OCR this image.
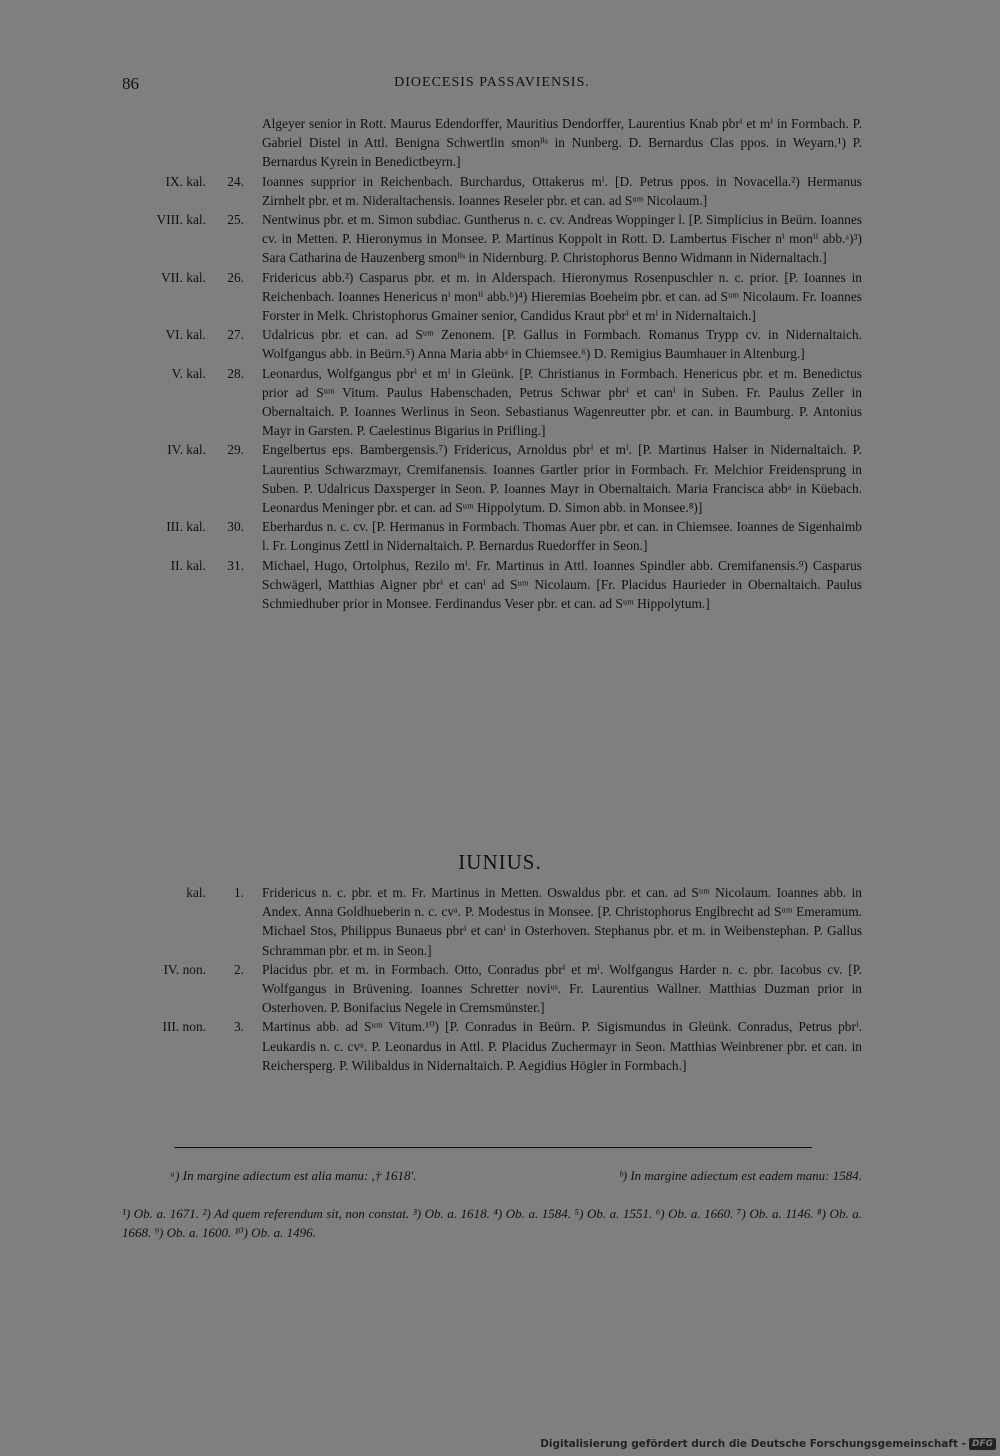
86	DIOECESIS PASSAVIENSIS.
Algeyer senior in Rott. Maurus Edendorffer, Mauritius Dendorffer, Laurentius Knab pbrⁱ et mⁱ in Formbach. P. Gabriel Distel in Attl. Benigna Schwertlin smonˡⁱˢ in Nunberg. D. Bernardus Clas ppos. in Weyarn.¹) P. Bernardus Kyrein in Benedictbeyrn.]
IX. kal.	24. Ioannes supprior in Reichenbach. Burchardus, Ottakerus mⁱ. [D. Petrus ppos. in Novacella.²) Hermanus Zirnhelt pbr. et m. Nideraltachensis. Ioannes Reseler pbr. et can. ad Sᵘᵐ Nicolaum.]
VIII. kal.	25. Nentwinus pbr. et m. Simon subdiac. Guntherus n. c. cv. Andreas Woppinger l. [P. Simplicius in Beürn. Ioannes cv. in Metten. P. Hieronymus in Monsee. P. Martinus Koppolt in Rott. D. Lambertus Fischer nⁱ monⁱⁱ abb.ᵃ)³) Sara Catharina de Hauzenberg smonˡⁱˢ in Nidernburg. P. Christophorus Benno Widmann in Nidernaltach.]
VII. kal.	26. Fridericus abb.²) Casparus pbr. et m. in Alderspach. Hieronymus Rosenpuschler n. c. prior. [P. Ioannes in Reichenbach. Ioannes Henericus nⁱ monⁱⁱ abb.ᵇ)⁴) Hieremias Boeheim pbr. et can. ad Sᵘᵐ Nicolaum. Fr. Ioannes Forster in Melk. Christophorus Gmainer senior, Candidus Kraut pbrⁱ et mⁱ in Nidernaltaich.]
VI. kal.	27. Udalricus pbr. et can. ad Sᵘᵐ Zenonem. [P. Gallus in Formbach. Romanus Trypp cv. in Nidernaltaich. Wolfgangus abb. in Beürn.⁵) Anna Maria abbᵃ in Chiemsee.⁶) D. Remigius Baumhauer in Altenburg.]
V. kal.	28. Leonardus, Wolfgangus pbrⁱ et mⁱ in Gleünk. [P. Christianus in Formbach. Henericus pbr. et m. Benedictus prior ad Sᵘᵐ Vitum. Paulus Habenschaden, Petrus Schwar pbrⁱ et canⁱ in Suben. Fr. Paulus Zeller in Obernaltaich. P. Ioannes Werlinus in Seon. Sebastianus Wagenreutter pbr. et can. in Baumburg. P. Antonius Mayr in Garsten. P. Caelestinus Bigarius in Prifling.]
IV. kal.	29. Engelbertus eps. Bambergensis.⁷) Fridericus, Arnoldus pbrⁱ et mⁱ. [P. Martinus Halser in Nidernaltaich. P. Laurentius Schwarzmayr, Cremifanensis. Ioannes Gartler prior in Formbach. Fr. Melchior Freidensprung in Suben. P. Udalricus Daxsperger in Seon. P. Ioannes Mayr in Obernaltaich. Maria Francisca abbᵃ in Küebach. Leonardus Meninger pbr. et can. ad Sᵘᵐ Hippolytum. D. Simon abb. in Monsee.⁸)]
III. kal.	30. Eberhardus n. c. cv. [P. Hermanus in Formbach. Thomas Auer pbr. et can. in Chiemsee. Ioannes de Sigenhaimb l. Fr. Longinus Zettl in Nidernaltaich. P. Bernardus Ruedorffer in Seon.]
II. kal.	31. Michael, Hugo, Ortolphus, Rezilo mⁱ. Fr. Martinus in Attl. Ioannes Spindler abb. Cremifanensis.⁹) Casparus Schwägerl, Matthias Aigner pbrⁱ et canⁱ ad Sᵘᵐ Nicolaum. [Fr. Placidus Haurieder in Obernaltaich. Paulus Schmiedhuber prior in Monsee. Ferdinandus Veser pbr. et can. ad Sᵘᵐ Hippolytum.]
IUNIUS.
kal.	1. Fridericus n. c. pbr. et m. Fr. Martinus in Metten. Oswaldus pbr. et can. ad Sᵘᵐ Nicolaum. Ioannes abb. in Andex. Anna Goldhueberin n. c. cvᵃ. P. Modestus in Monsee. [P. Christophorus Englbrecht ad Sᵘᵐ Emeramum. Michael Stos, Philippus Bunaeus pbrⁱ et canⁱ in Osterhoven. Stephanus pbr. et m. in Weibenstephan. P. Gallus Schramman pbr. et m. in Seon.]
IV. non.	2. Placidus pbr. et m. in Formbach. Otto, Conradus pbrⁱ et mⁱ. Wolfgangus Harder n. c. pbr. Iacobus cv. [P. Wolfgangus in Brüvening. Ioannes Schretter noviᵘˢ. Fr. Laurentius Wallner. Matthias Duzman prior in Osterhoven. P. Bonifacius Negele in Cremsmünster.]
III. non.	3. Martinus abb. ad Sᵘᵐ Vitum.¹⁰) [P. Conradus in Beürn. P. Sigismundus in Gleünk. Conradus, Petrus pbrⁱ. Leukardis n. c. cvᵃ. P. Leonardus in Attl. P. Placidus Zuchermayr in Seon. Matthias Weinbrener pbr. et can. in Reichersperg. P. Wilibaldus in Nidernaltaich. P. Aegidius Högler in Formbach.]
ᵃ) In margine adiectum est alia manu: ,† 1618'.	ᵇ) In margine adiectum est eadem manu: 1584.
¹) Ob. a. 1671. ²) Ad quem referendum sit, non constat. ³) Ob. a. 1618. ⁴) Ob. a. 1584. ⁵) Ob. a. 1551. ⁶) Ob. a. 1660. ⁷) Ob. a. 1146. ⁸) Ob. a. 1668. ⁹) Ob. a. 1600. ¹⁰) Ob. a. 1496.
Digitalisierung gefördert durch die Deutsche Forschungsgemeinschaft - DFG
